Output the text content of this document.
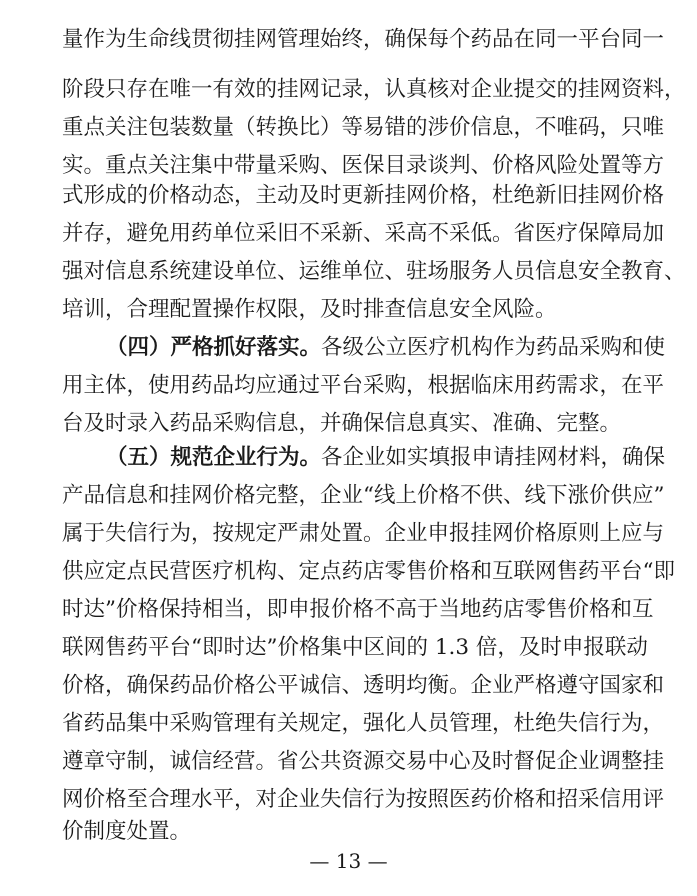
量作为生命线贯彻挂网管理始终，确保每个药品在同一平台同一
阶段只存在唯一有效的挂网记录，认真核对企业提交的挂网资料，
重点关注包装数量（转换比）等易错的涉价信息，不唯码，只唯
实。重点关注集中带量采购、医保目录谈判、价格风险处置等方
式形成的价格动态，主动及时更新挂网价格，杜绝新旧挂网价格
并存，避免用药单位采旧不采新、采高不采低。省医疗保障局加
强对信息系统建设单位、运维单位、驻场服务人员信息安全教育、
培训，合理配置操作权限，及时排查信息安全风险。
（四）严格抓好落实。各级公立医疗机构作为药品采购和使
用主体，使用药品均应通过平台采购，根据临床用药需求，在平
台及时录入药品采购信息，并确保信息真实、准确、完整。
（五）规范企业行为。各企业如实填报申请挂网材料，确保
产品信息和挂网价格完整，企业“线上价格不供、线下涨价供应”
属于失信行为，按规定严肃处置。企业申报挂网价格原则上应与
供应定点民营医疗机构、定点药店零售价格和互联网售药平台“即
时达”价格保持相当，即申报价格不高于当地药店零售价格和互
联网售药平台“即时达”价格集中区间的 1.3 倍，及时申报联动
价格，确保药品价格公平诚信、透明均衡。企业严格遵守国家和
省药品集中采购管理有关规定，强化人员管理，杜绝失信行为，
遵章守制，诚信经营。省公共资源交易中心及时督促企业调整挂
网价格至合理水平，对企业失信行为按照医药价格和招采信用评
价制度处置。
— 13 —
